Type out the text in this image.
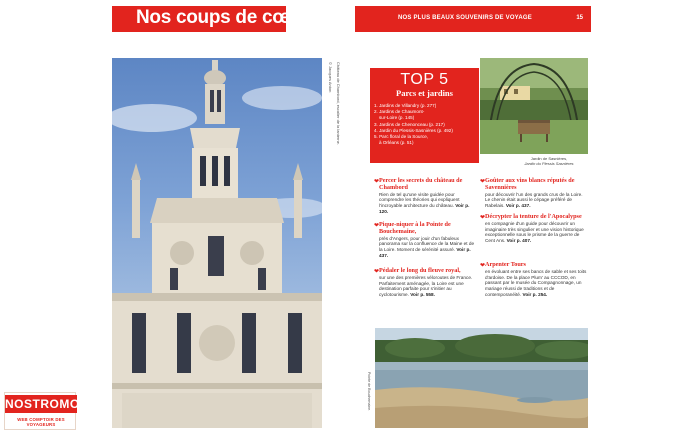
Nos coups de cœur
Château de Chambord, escalier de la lanterne.
© Jacques Anton
NOS PLUS BEAUX SOUVENIRS DE VOYAGE	15
TOP 5
Parcs et jardins
1. Jardins de Villandry (p. 277)
2. Jardins de Chaumont-
sur-Loire (p. 145)
3. Jardins de Chenonceau (p. 217)
4. Jardin du Plessis-Sasnières (p. 492)
5. Parc floral de la Source,
à Orléans (p. 51)
Jardin de Sasnières,
Jardin du Plessis Sasnières
❤ Percer les secrets du château de Chambord
Rien de tel qu'une visite guidée pour comprendre les théories qui expliquent l'incroyable architecture du château. Voir p. 120.
❤ Pique-niquer à la Pointe de Bouchemaine,
près d'Angers, pour jouir d'un fabuleux panorama sur la confluence de la Maine et de la Loire. Moment de sérénité assuré. Voir p. 437.
❤ Pédaler le long du fleuve royal,
sur une des premières véloroutes de France. Parfaitement aménagée, la Loire est une destination parfaite pour s'initier au cyclotourisme. Voir p. 558.
❤ Goûter aux vins blancs réputés de Savennières
pour découvrir l'un des grands crus de la Loire. Le chenin était aussi le cépage préféré de Rabelais. Voir p. 437.
❤ Décrypter la tenture de l'Apocalypse
en compagnie d'un guide pour découvrir un imaginaire très singulier et une vision historique exceptionnelle sous le prisme de la guerre de Cent Ans. Voir p. 407.
❤ Arpenter Tours
en évoluant entre ses bancs de sable et ses toits d'ardoise. De la place Plum' au CCCOD, en passant par le musée du Compagnonnage, un mariage réussi de traditions et de contemporanéité. Voir p. 254.
Pointe de Bouchemaine.
NOSTROMO
WEB COMPTOIR DES VOYAGEURS
